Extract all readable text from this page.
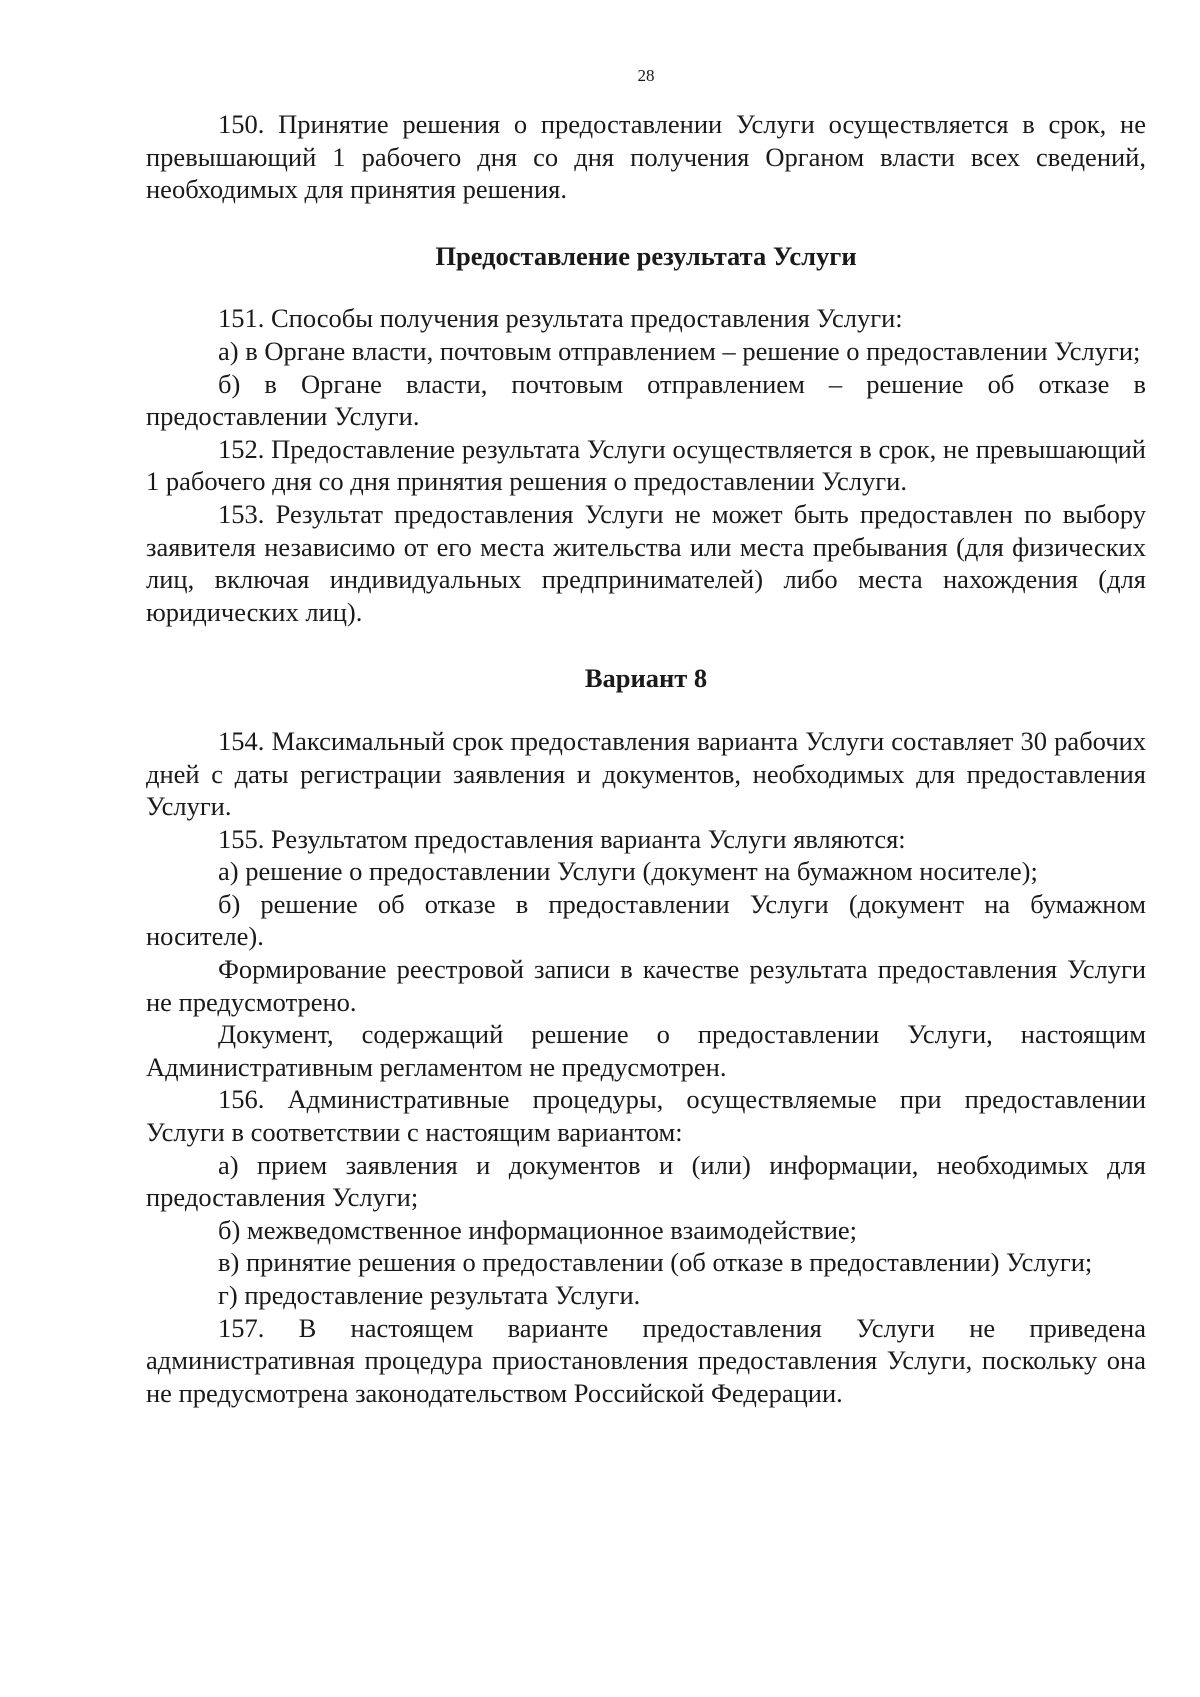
28

150. Принятие решения о предоставлении Услуги осуществляется в срок, не превышающий 1 рабочего дня со дня получения Органом власти всех сведений, необходимых для принятия решения.

Предоставление результата Услуги

151. Способы получения результата предоставления Услуги:

а) в Органе власти, почтовым отправлением – решение о предоставлении Услуги;

б) в Органе власти, почтовым отправлением – решение об отказе в предоставлении Услуги.

152. Предоставление результата Услуги осуществляется в срок, не превышающий 1 рабочего дня со дня принятия решения о предоставлении Услуги.

153. Результат предоставления Услуги не может быть предоставлен по выбору заявителя независимо от его места жительства или места пребывания (для физических лиц, включая индивидуальных предпринимателей) либо места нахождения (для юридических лиц).

Вариант 8

154. Максимальный срок предоставления варианта Услуги составляет 30 рабочих дней с даты регистрации заявления и документов, необходимых для предоставления Услуги.

155. Результатом предоставления варианта Услуги являются:

а) решение о предоставлении Услуги (документ на бумажном носителе);

б) решение об отказе в предоставлении Услуги (документ на бумажном носителе).

Формирование реестровой записи в качестве результата предоставления Услуги не предусмотрено.

Документ, содержащий решение о предоставлении Услуги, настоящим Административным регламентом не предусмотрен.

156. Административные процедуры, осуществляемые при предоставлении Услуги в соответствии с настоящим вариантом:

а) прием заявления и документов и (или) информации, необходимых для предоставления Услуги;

б) межведомственное информационное взаимодействие;

в) принятие решения о предоставлении (об отказе в предоставлении) Услуги;

г) предоставление результата Услуги.

157. В настоящем варианте предоставления Услуги не приведена административная процедура приостановления предоставления Услуги, поскольку она не предусмотрена законодательством Российской Федерации.
